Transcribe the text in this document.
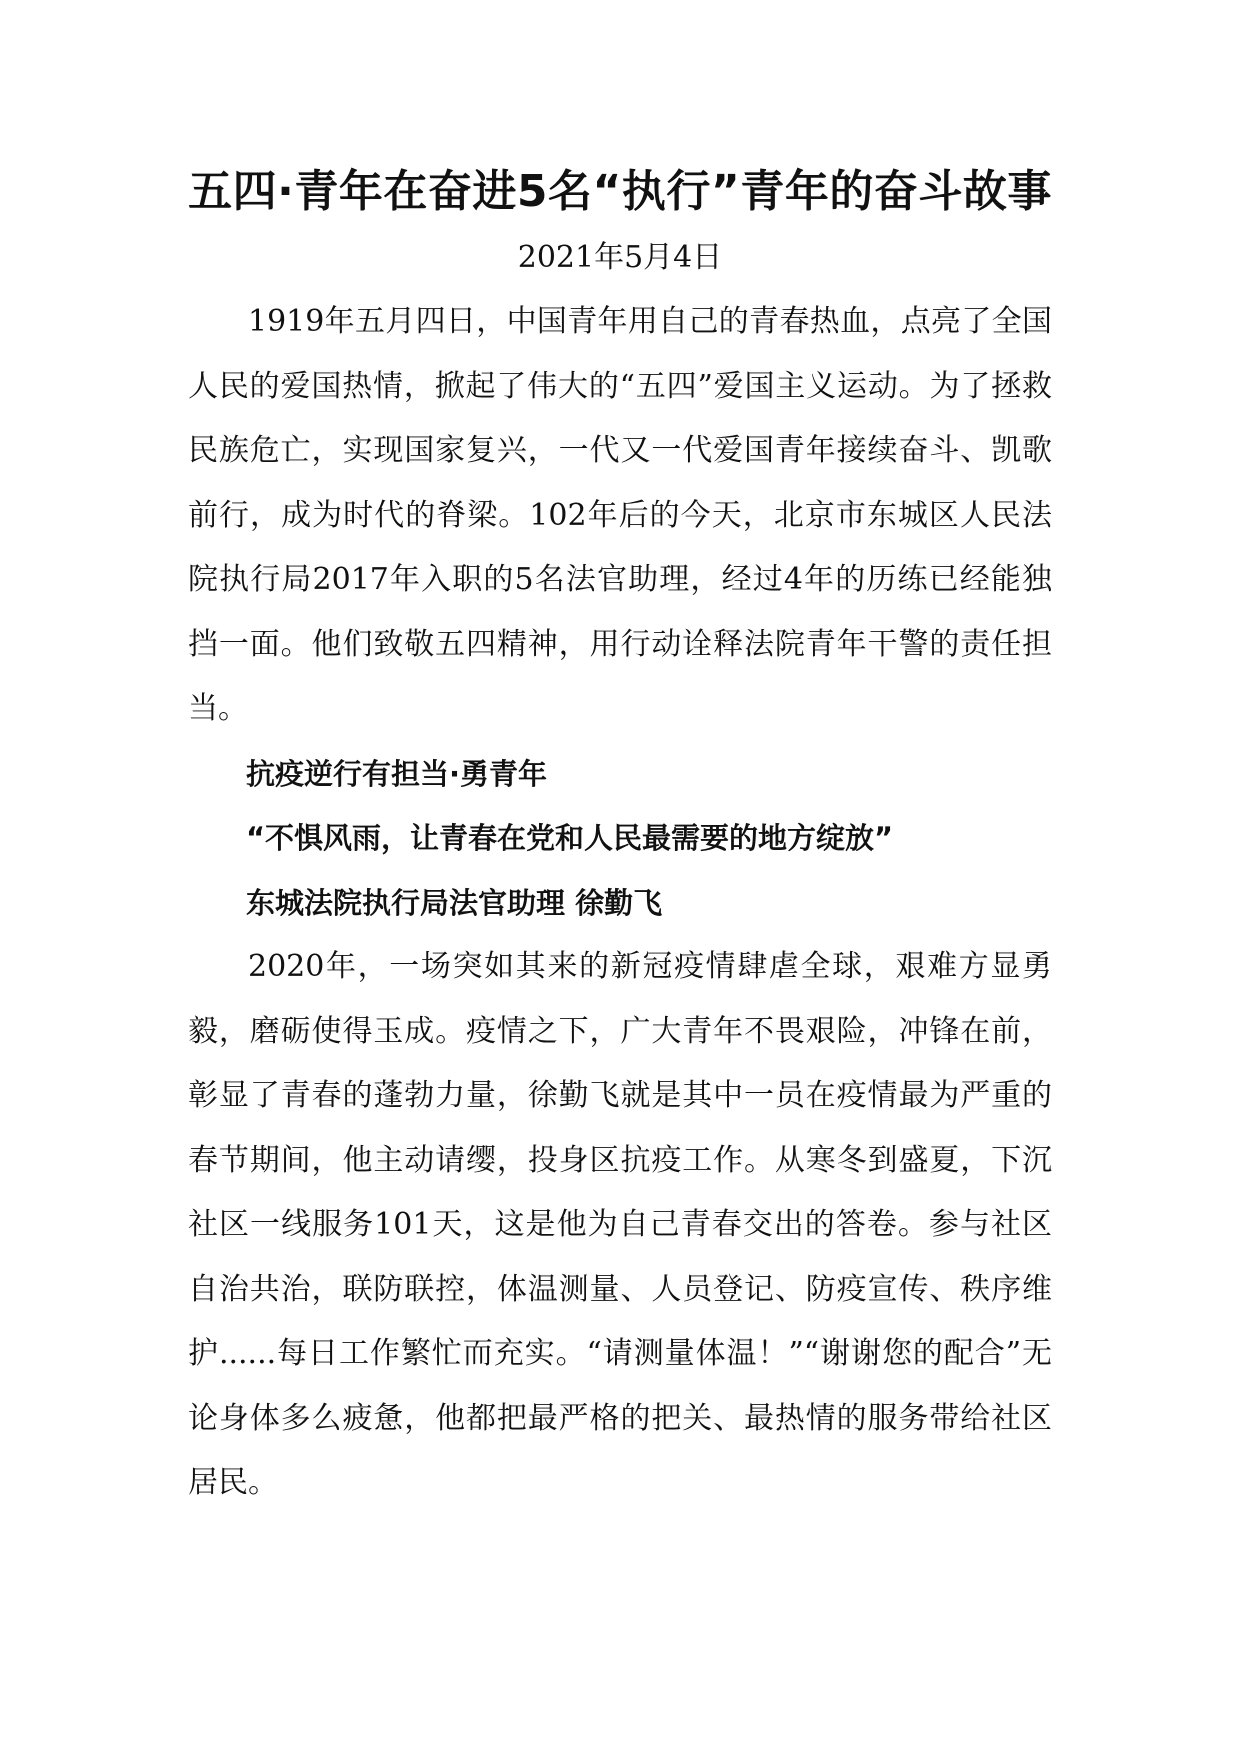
五四·青年在奋进5名“执行”青年的奋斗故事

2021年5月4日

1919年五月四日，中国青年用自己的青春热血，点亮了全国人民的爱国热情，掀起了伟大的“五四”爱国主义运动。为了拯救民族危亡，实现国家复兴，一代又一代爱国青年接续奋斗、凯歌前行，成为时代的脊梁。102年后的今天，北京市东城区人民法院执行局2017年入职的5名法官助理，经过4年的历练已经能独挡一面。他们致敬五四精神，用行动诠释法院青年干警的责任担当。

抗疫逆行有担当·勇青年

“不惧风雨，让青春在党和人民最需要的地方绽放”

东城法院执行局法官助理 徐勤飞

2020年，一场突如其来的新冠疫情肆虐全球，艰难方显勇毅，磨砺使得玉成。疫情之下，广大青年不畏艰险，冲锋在前，彰显了青春的蓬勃力量，徐勤飞就是其中一员在疫情最为严重的春节期间，他主动请缨，投身区抗疫工作。从寒冬到盛夏，下沉社区一线服务101天，这是他为自己青春交出的答卷。参与社区自治共治，联防联控，体温测量、人员登记、防疫宣传、秩序维护......每日工作繁忙而充实。“请测量体温！”“谢谢您的配合”无论身体多么疲惫，他都把最严格的把关、最热情的服务带给社区居民。
